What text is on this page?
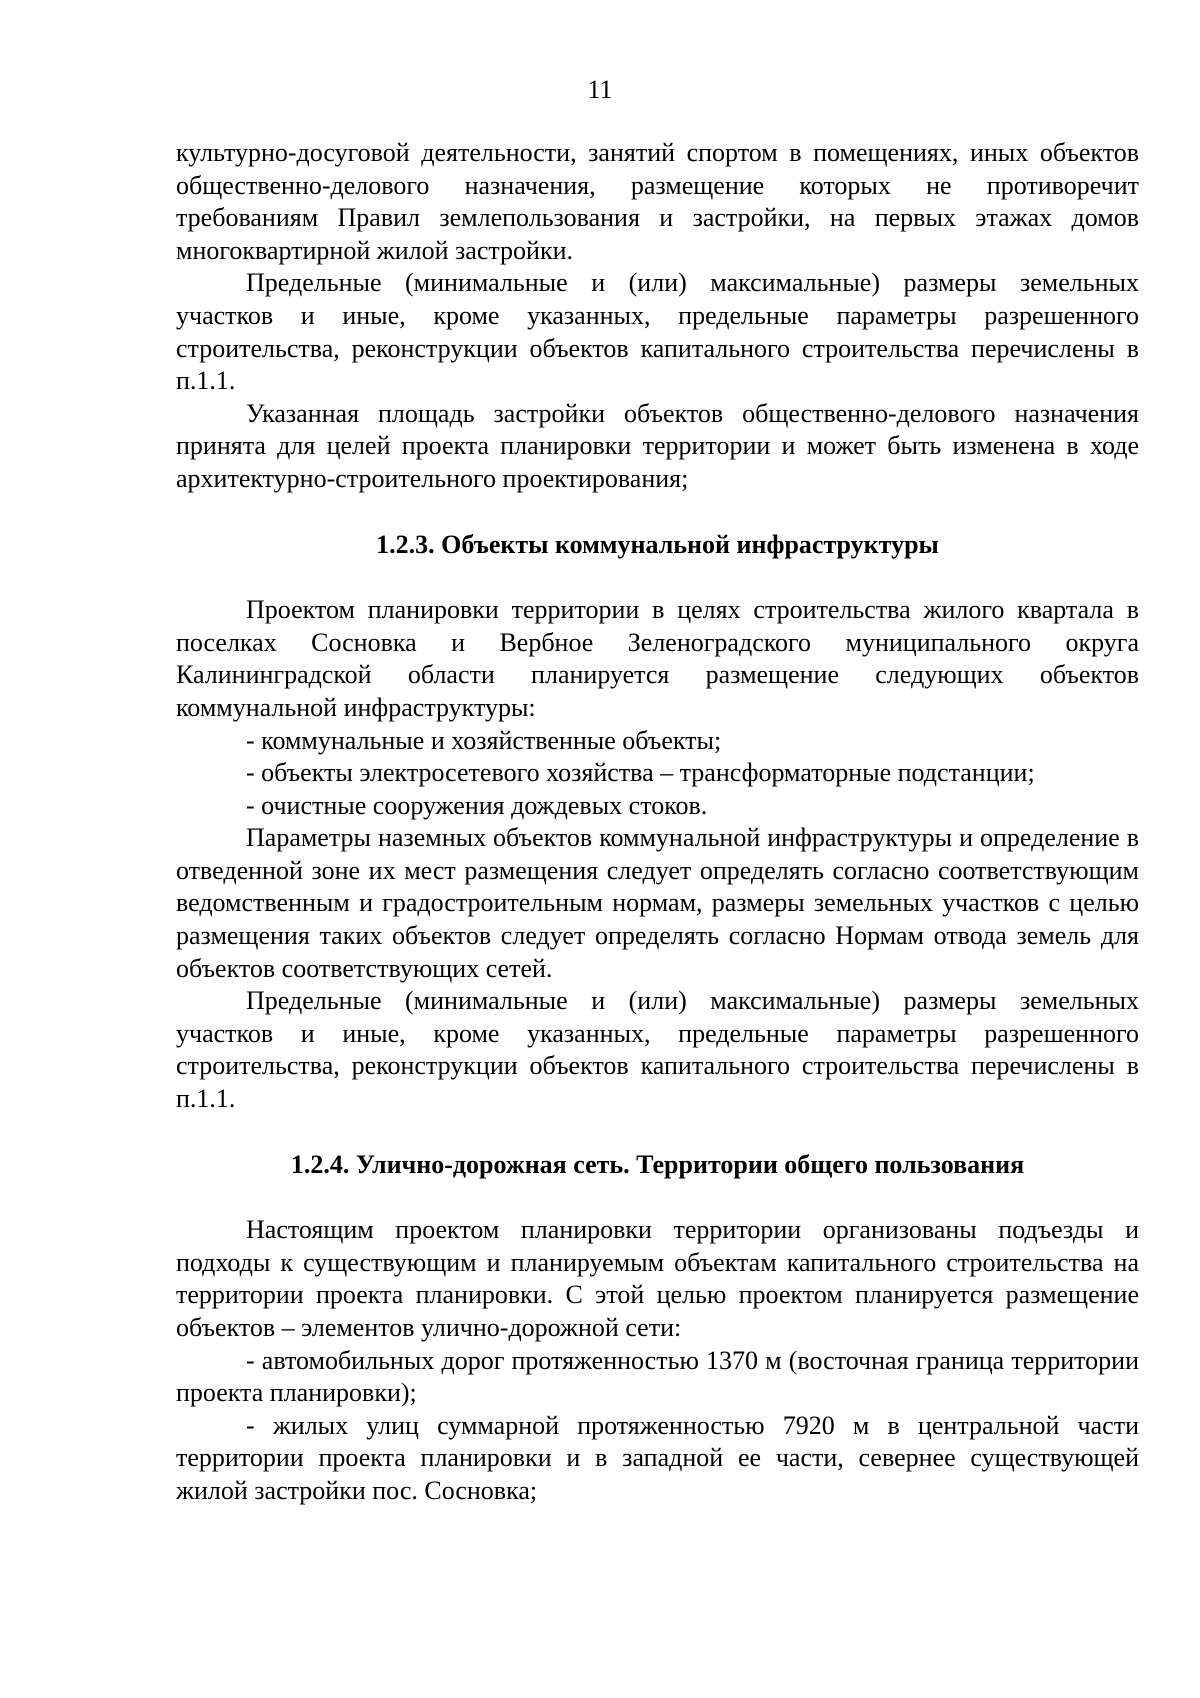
11

культурно-досуговой деятельности, занятий спортом в помещениях, иных объектов общественно-делового назначения, размещение которых не противоречит требованиям Правил землепользования и застройки, на первых этажах домов многоквартирной жилой застройки.

Предельные (минимальные и (или) максимальные) размеры земельных участков и иные, кроме указанных, предельные параметры разрешенного строительства, реконструкции объектов капитального строительства перечислены в п.1.1.

Указанная площадь застройки объектов общественно-делового назначения принята для целей проекта планировки территории и может быть изменена в ходе архитектурно-строительного проектирования;

1.2.3. Объекты коммунальной инфраструктуры

Проектом планировки территории в целях строительства жилого квартала в поселках Сосновка и Вербное Зеленоградского муниципального округа Калининградской области планируется размещение следующих объектов коммунальной инфраструктуры:

- коммунальные и хозяйственные объекты;

- объекты электросетевого хозяйства – трансформаторные подстанции;

- очистные сооружения дождевых стоков.

Параметры наземных объектов коммунальной инфраструктуры и определение в отведенной зоне их мест размещения следует определять согласно соответствующим ведомственным и градостроительным нормам, размеры земельных участков с целью размещения таких объектов следует определять согласно Нормам отвода земель для объектов соответствующих сетей.

Предельные (минимальные и (или) максимальные) размеры земельных участков и иные, кроме указанных, предельные параметры разрешенного строительства, реконструкции объектов капитального строительства перечислены в п.1.1.

1.2.4. Улично-дорожная сеть. Территории общего пользования

Настоящим проектом планировки территории организованы подъезды и подходы к существующим и планируемым объектам капитального строительства на территории проекта планировки. С этой целью проектом планируется размещение объектов – элементов улично-дорожной сети:

- автомобильных дорог протяженностью 1370 м (восточная граница территории проекта планировки);

- жилых улиц суммарной протяженностью 7920 м в центральной части территории проекта планировки и в западной ее части, севернее существующей жилой застройки пос. Сосновка;
